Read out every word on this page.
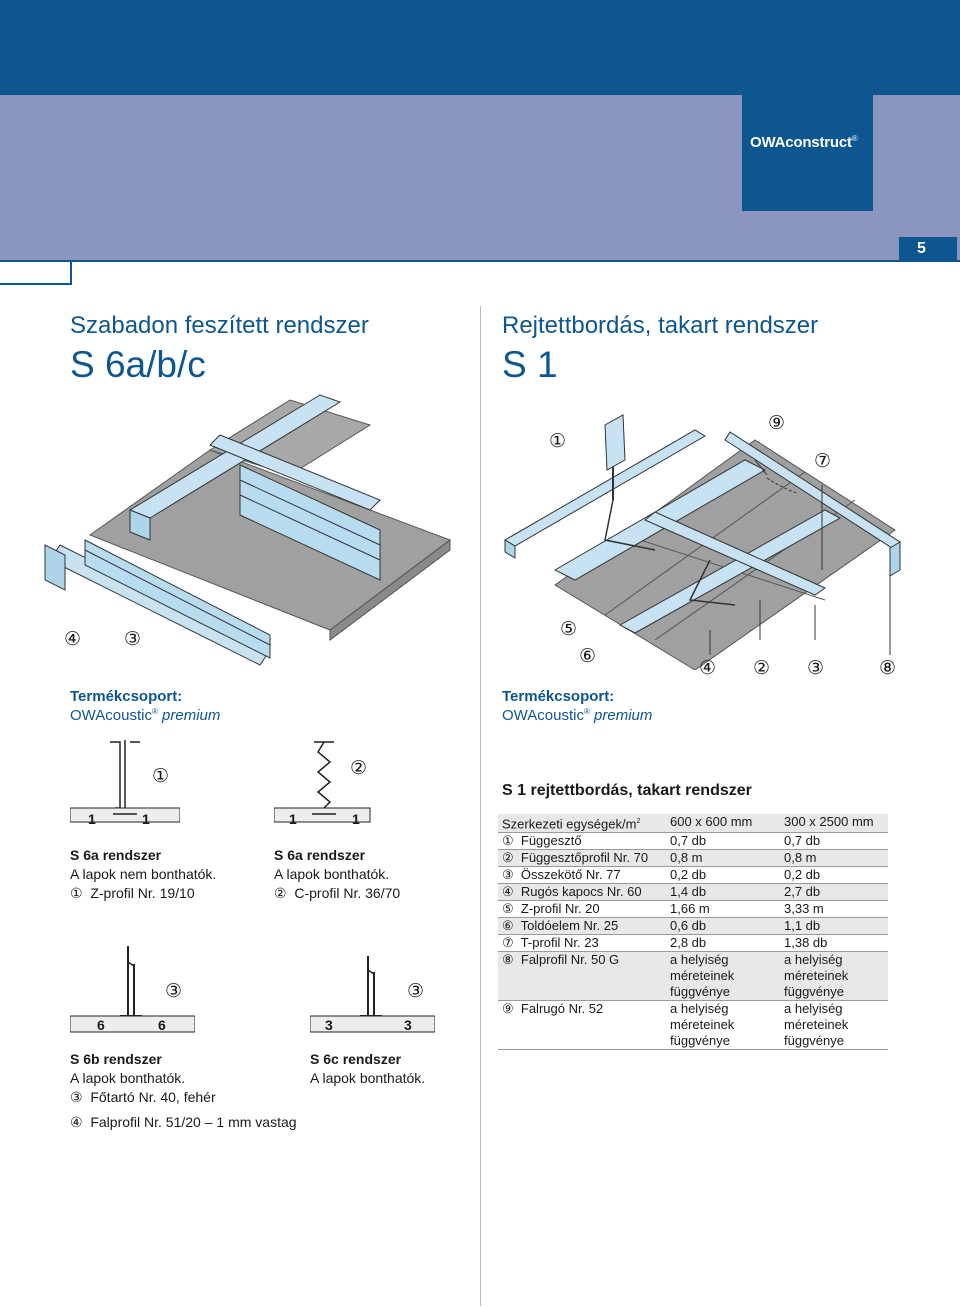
OWAconstruct®
5
Szabadon feszített rendszer
S 6a/b/c
④ ③
Termékcsoport:
OWAcoustic® premium
①
1	1
S 6a rendszer
A lapok nem bonthatók.
① Z-profil Nr. 19/10
②
1	1
S 6a rendszer
A lapok bonthatók.
② C-profil Nr. 36/70
③
6	6
S 6b rendszer
A lapok bonthatók.
③ Főtartó Nr. 40, fehér
④ Falprofil Nr. 51/20 – 1 mm vastag
③
3	3
S 6c rendszer
A lapok bonthatók.
Rejtettbordás, takart rendszer
S 1
①
⑨
⑦
⑤
⑥
④ ② ③	⑧
Termékcsoport:
OWAcoustic® premium
S 1 rejtettbordás, takart rendszer
Szerkezeti egységek/$m^2$	600 x 600 mm	300 x 2500 mm
① Függesztő	0,7 db	0,7 db
② Függesztőprofil Nr. 70	0,8 m	0,8 m
③ Összekötő Nr. 77	0,2 db	0,2 db
④ Rugós kapocs Nr. 60	1,4 db	2,7 db
⑤ Z-profil Nr. 20	1,66 m	3,33 m
⑥ Toldóelem Nr. 25	0,6 db	1,1 db
⑦ T-profil Nr. 23	2,8 db	1,38 db
⑧ Falprofil Nr. 50 G	a helyiség méreteinek függvénye	a helyiség méreteinek függvénye
⑨ Falrugó Nr. 52	a helyiség méreteinek függvénye	a helyiség méreteinek függvénye
